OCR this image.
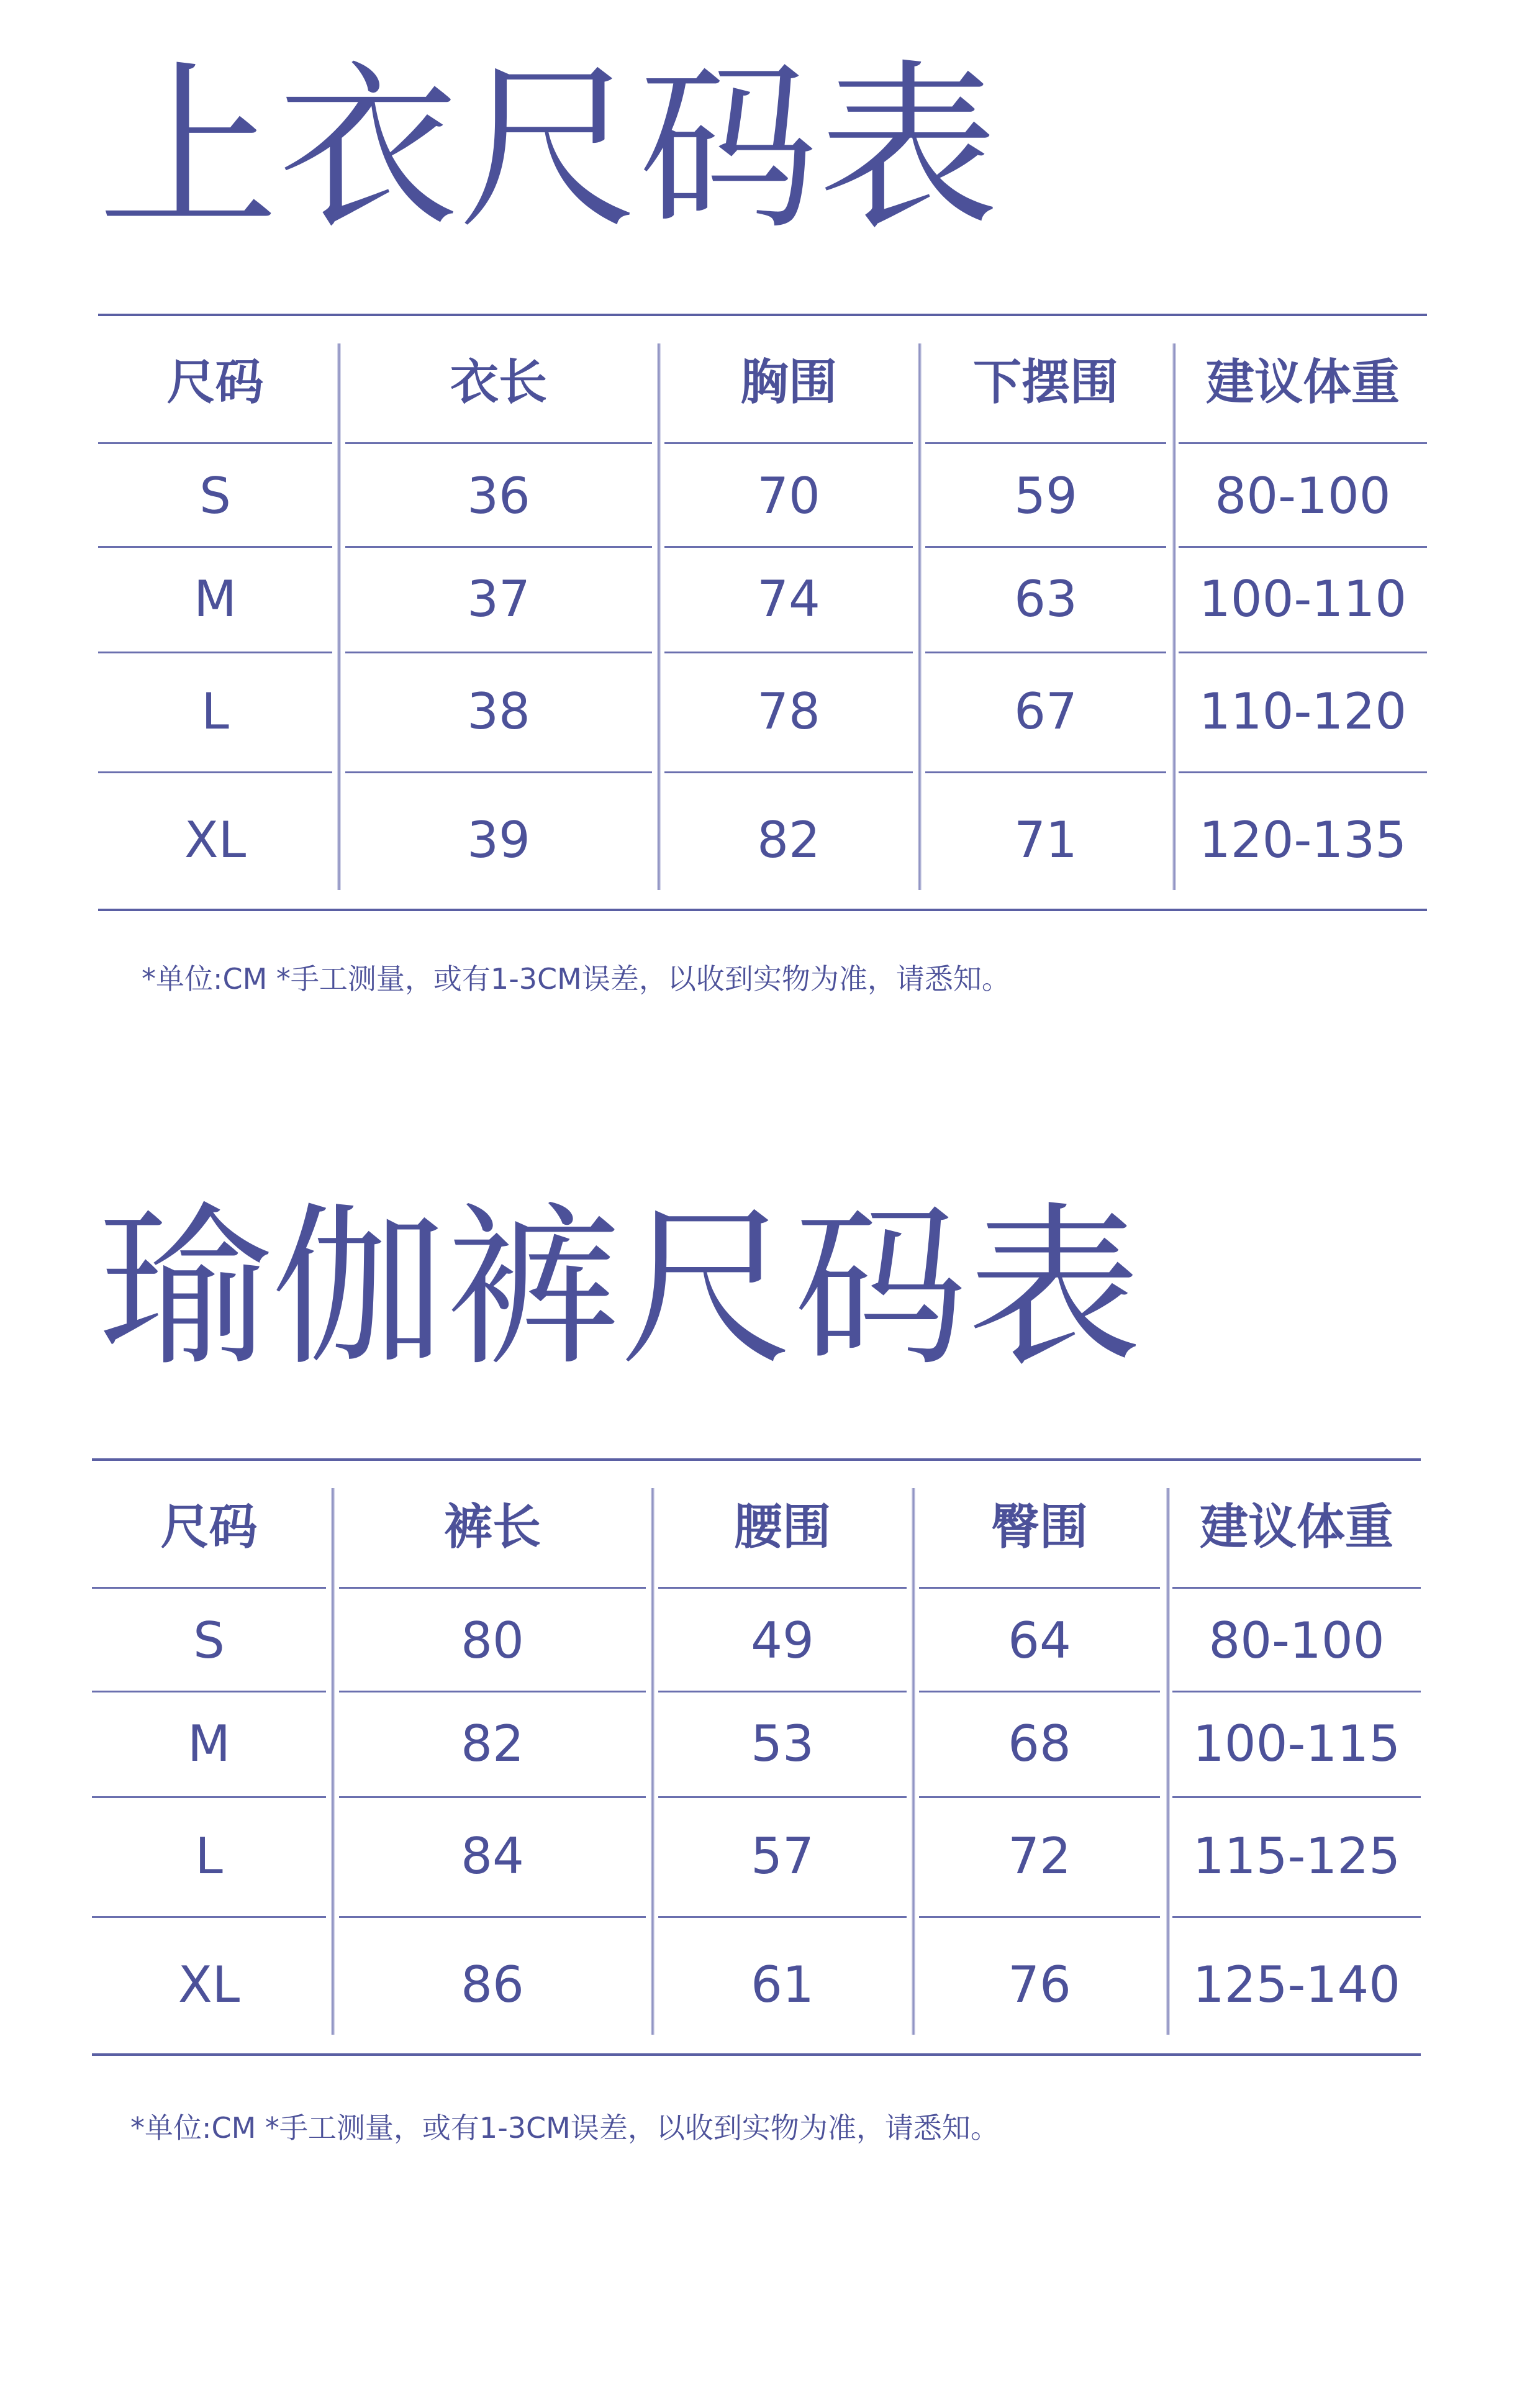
上衣尺码表
尺码
S
M
L
XL
衣长
36
37
38
39
胸围
70
74
78
82
下摆围
59
63
67
71
建议体重
80-100
100-110
110-120
120-135

*单位:CM *手工测量，或有1-3CM误差，以收到实物为准，请悉知。

瑜伽裤尺码表
尺码
S
M
L
XL
裤长
80
82
84
86
腰围
49
53
57
61
臀围
64
68
72
76
建议体重
80-100
100-115
115-125
125-140

*单位:CM *手工测量，或有1-3CM误差，以收到实物为准，请悉知。
